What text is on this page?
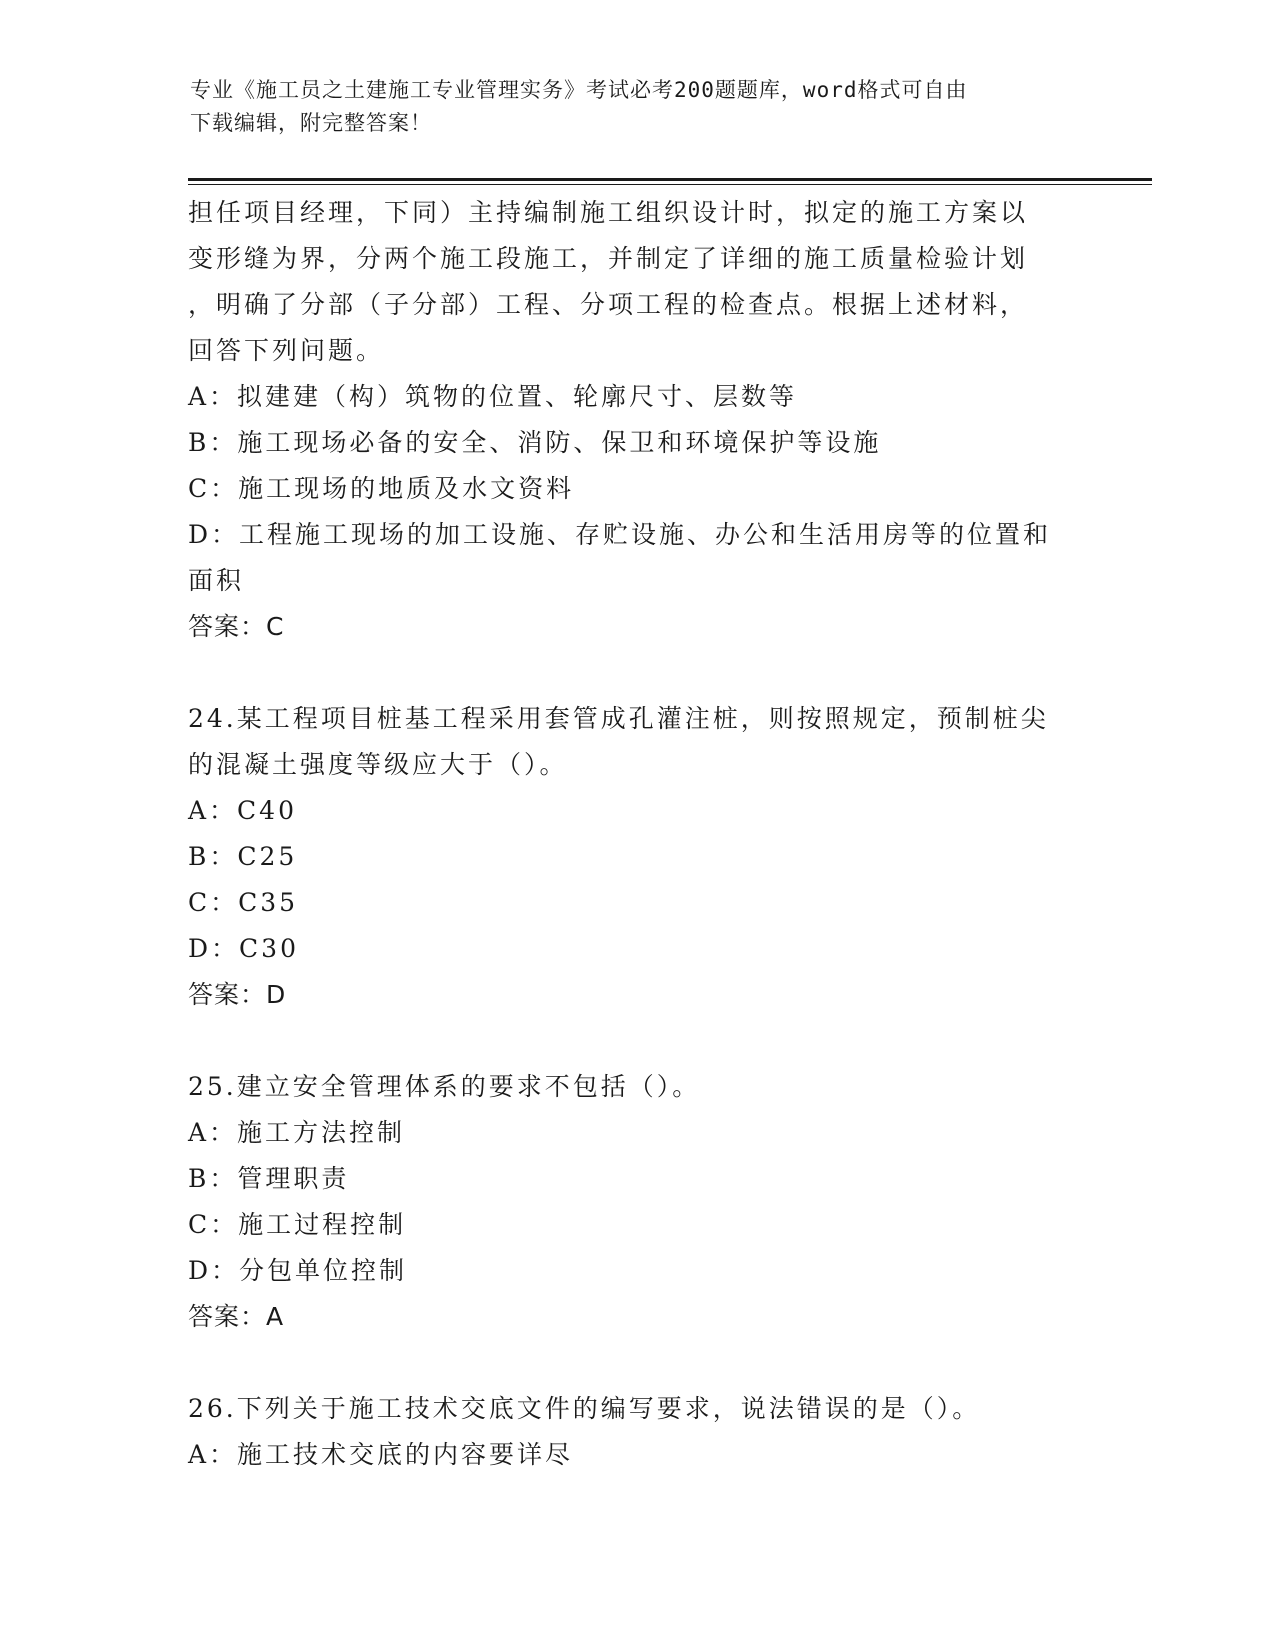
专业《施工员之土建施工专业管理实务》考试必考200题题库，word格式可自由
下载编辑，附完整答案！
担任项目经理，下同）主持编制施工组织设计时，拟定的施工方案以
变形缝为界，分两个施工段施工，并制定了详细的施工质量检验计划
，明确了分部（子分部）工程、分项工程的检查点。根据上述材料，
回答下列问题。
A：拟建建（构）筑物的位置、轮廓尺寸、层数等
B：施工现场必备的安全、消防、保卫和环境保护等设施
C：施工现场的地质及水文资料
D：工程施工现场的加工设施、存贮设施、办公和生活用房等的位置和
面积
答案：C
24.某工程项目桩基工程采用套管成孔灌注桩，则按照规定，预制桩尖
的混凝土强度等级应大于（）。
A：C40
B：C25
C：C35
D：C30
答案：D
25.建立安全管理体系的要求不包括（）。
A：施工方法控制
B：管理职责
C：施工过程控制
D：分包单位控制
答案：A
26.下列关于施工技术交底文件的编写要求，说法错误的是（）。
A：施工技术交底的内容要详尽
